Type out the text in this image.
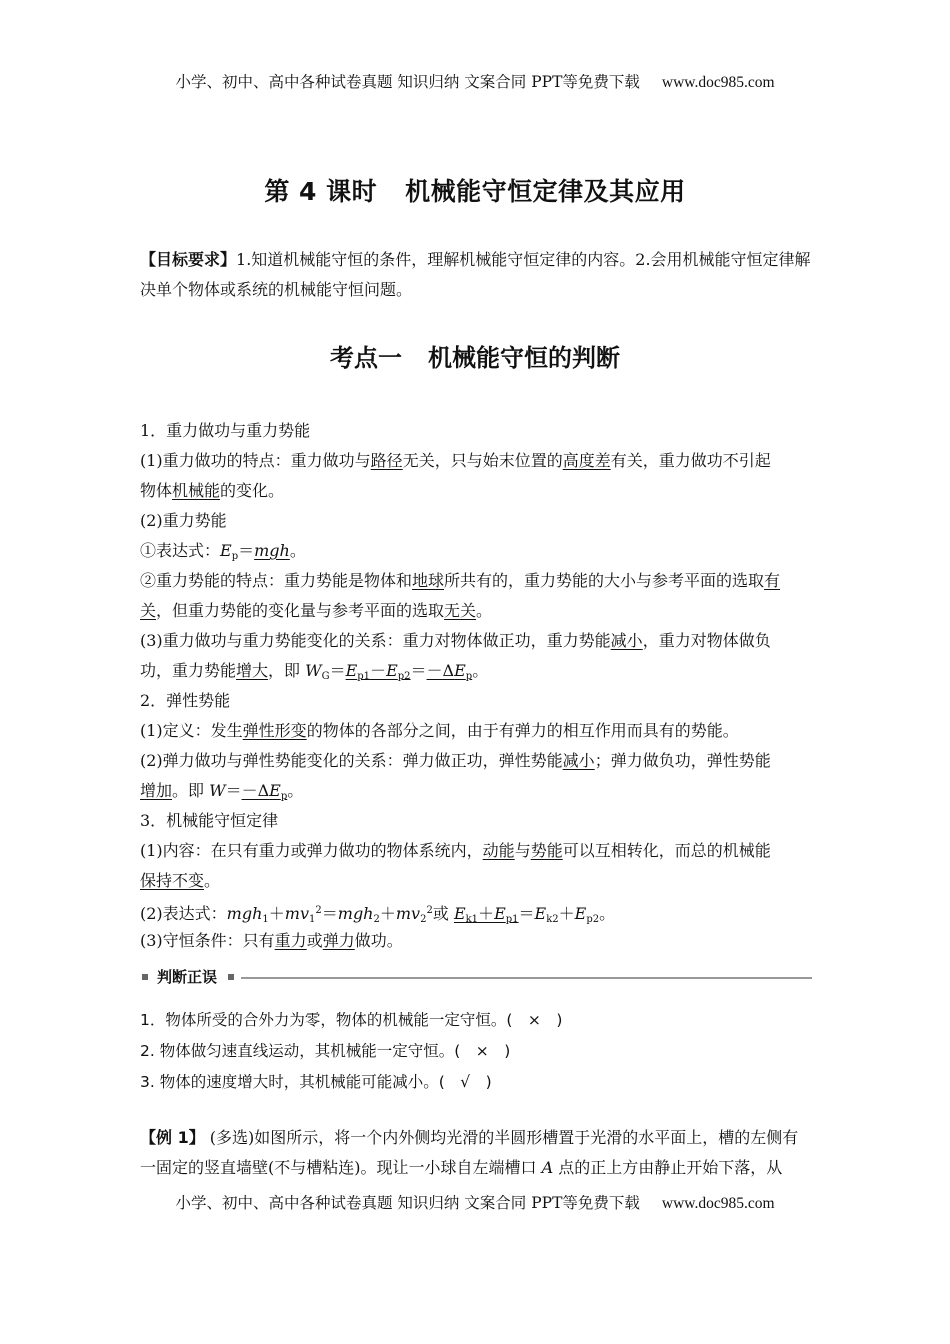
小学、初中、高中各种试卷真题 知识归纳 文案合同 PPT等免费下载 www.doc985.com
第 4 课时 机械能守恒定律及其应用
【目标要求】1.知道机械能守恒的条件，理解机械能守恒定律的内容。2.会用机械能守恒定律解决单个物体或系统的机械能守恒问题。
考点一 机械能守恒的判断
1．重力做功与重力势能
(1)重力做功的特点：重力做功与路径无关，只与始末位置的高度差有关，重力做功不引起
物体机械能的变化。
(2)重力势能
①表达式：$E_p=mgh$。
②重力势能的特点：重力势能是物体和地球所共有的，重力势能的大小与参考平面的选取有
关，但重力势能的变化量与参考平面的选取无关。
(3)重力做功与重力势能变化的关系：重力对物体做正功，重力势能减小，重力对物体做负
功，重力势能增大，即 $W_G=E_{p1}-E_{p2}=-\Delta E_p$。
2．弹性势能
(1)定义：发生弹性形变的物体的各部分之间，由于有弹力的相互作用而具有的势能。
(2)弹力做功与弹性势能变化的关系：弹力做正功，弹性势能减小；弹力做负功，弹性势能
增加。即 $W=-\Delta E_p$。
3．机械能守恒定律
(1)内容：在只有重力或弹力做功的物体系统内，动能与势能可以互相转化，而总的机械能
保持不变。
(2)表达式：$mgh_1+mv_1^2=mgh_2+mv_2^2$或 $E_{k1}+E_{p1}=E_{k2}+E_{p2}$。
(3)守恒条件：只有重力或弹力做功。
判断正误
1．物体所受的合外力为零，物体的机械能一定守恒。(　×　)
2. 物体做匀速直线运动，其机械能一定守恒。(　×　)
3. 物体的速度增大时，其机械能可能减小。(　√　)
【例 1】 (多选)如图所示，将一个内外侧均光滑的半圆形槽置于光滑的水平面上，槽的左侧有一固定的竖直墙壁(不与槽粘连)。现让一小球自左端槽口 A 点的正上方由静止开始下落，从
小学、初中、高中各种试卷真题 知识归纳 文案合同 PPT等免费下载 www.doc985.com
